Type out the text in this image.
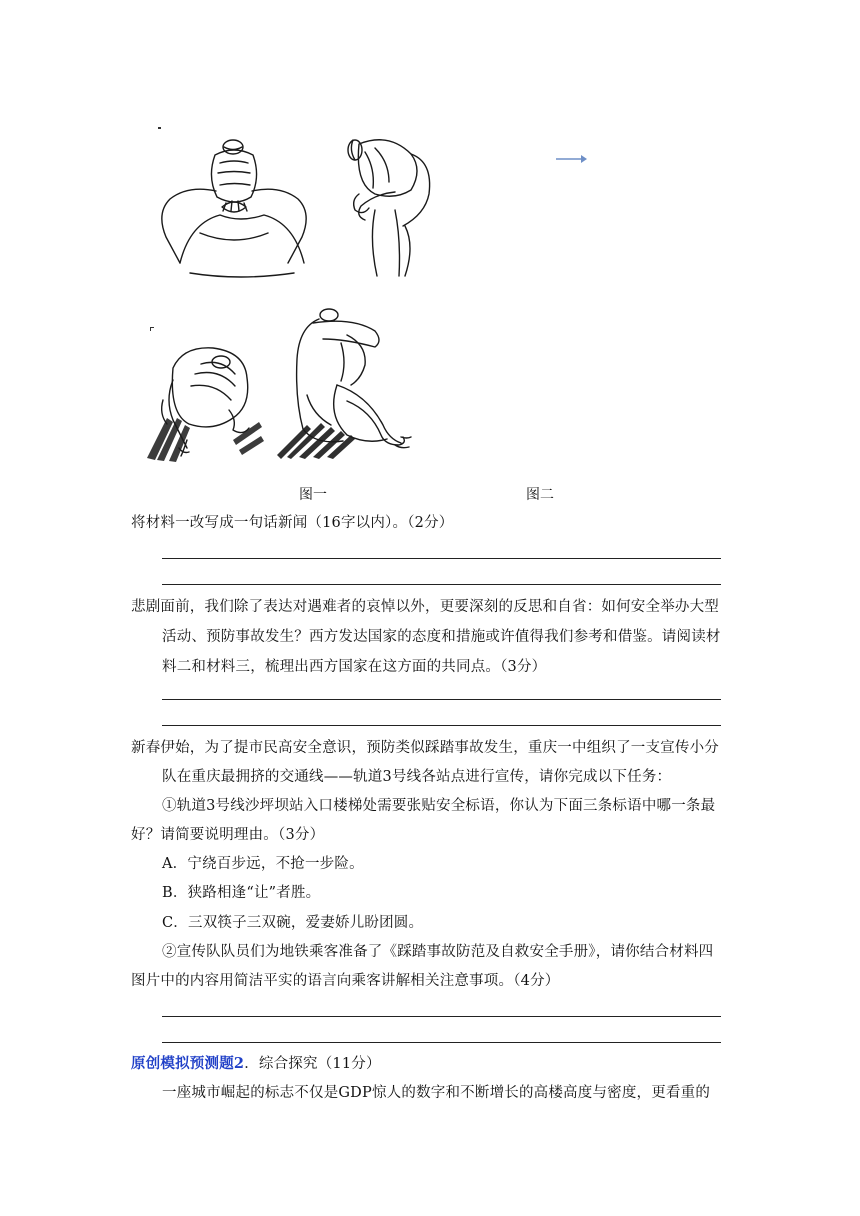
图一	图二
将材料一改写成一句话新闻（16字以内）。（2分）
悲剧面前，我们除了表达对遇难者的哀悼以外，更要深刻的反思和自省：如何安全举办大型
活动、预防事故发生？西方发达国家的态度和措施或许值得我们参考和借鉴。请阅读材
料二和材料三，梳理出西方国家在这方面的共同点。（3分）
新春伊始，为了提市民高安全意识，预防类似踩踏事故发生，重庆一中组织了一支宣传小分
队在重庆最拥挤的交通线——轨道3号线各站点进行宣传，请你完成以下任务：
①轨道3号线沙坪坝站入口楼梯处需要张贴安全标语，你认为下面三条标语中哪一条最
好？请简要说明理由。（3分）
A．宁绕百步远，不抢一步险。
B．狭路相逢“让”者胜。
C．三双筷子三双碗，爱妻娇儿盼团圆。
②宣传队队员们为地铁乘客准备了《踩踏事故防范及自救安全手册》，请你结合材料四
图片中的内容用简洁平实的语言向乘客讲解相关注意事项。（4分）
原创模拟预测题2．综合探究（11分）
一座城市崛起的标志不仅是GDP惊人的数字和不断增长的高楼高度与密度，更看重的
